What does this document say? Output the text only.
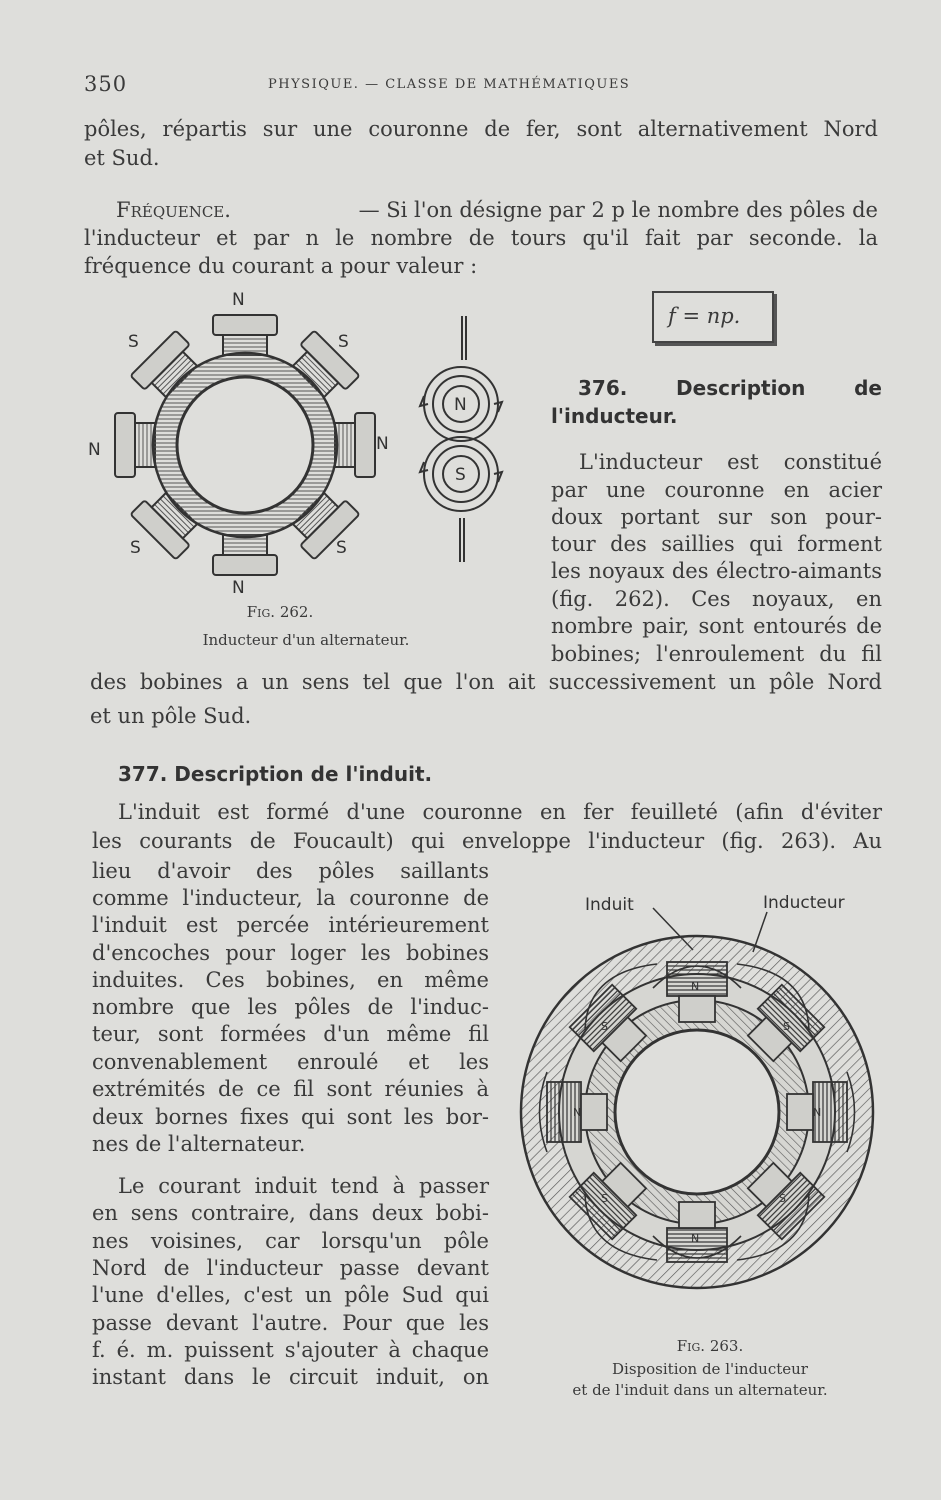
350	PHYSIQUE. — CLASSE DE MATHÉMATIQUES
pôles, répartis sur une couronne de fer, sont alternativement Nord
et Sud.
Fréquence.	— Si l'on désigne par 2 p le nombre des pôles de
l'inducteur et par n le nombre de tours qu'il fait par seconde. la
fréquence du courant a pour valeur :
f = np.
N
S	S
N	N
S	S
N
N
S
Fig. 262.
Inducteur d'un alternateur.
376. Description de
l'inducteur.
L'inducteur est constitué
par une couronne en acier
doux portant sur son pour-
tour des saillies qui forment
les noyaux des électro-aimants
(fig. 262). Ces noyaux, en
nombre pair, sont entourés de
bobines; l'enroulement du fil
des bobines a un sens tel que l'on ait successivement un pôle Nord
et un pôle Sud.
377. Description de l'induit.
L'induit est formé d'une couronne en fer feuilleté (afin d'éviter
les courants de Foucault) qui enveloppe l'inducteur (fig. 263). Au
lieu d'avoir des pôles saillants
comme l'inducteur, la couronne de
l'induit est percée intérieurement
d'encoches pour loger les bobines
induites. Ces bobines, en même
nombre que les pôles de l'induc-
teur, sont formées d'un même fil
convenablement enroulé et les
extrémités de ce fil sont réunies à
deux bornes fixes qui sont les bor-
nes de l'alternateur.
Le courant induit tend à passer
en sens contraire, dans deux bobi-
nes voisines, car lorsqu'un pôle
Nord de l'inducteur passe devant
l'une d'elles, c'est un pôle Sud qui
passe devant l'autre. Pour que les
f. é. m. puissent s'ajouter à chaque
instant dans le circuit induit, on
Induit	Inducteur
N
S
N
S
N
S
N
S
Fig. 263.
Disposition de l'inducteur
et de l'induit dans un alternateur.
